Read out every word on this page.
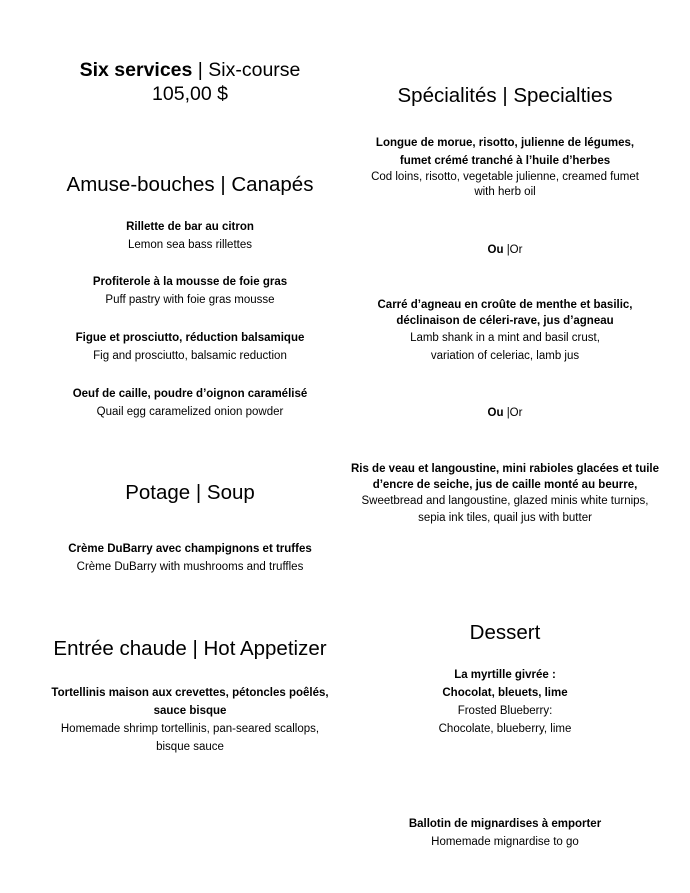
Six services | Six-course
105,00 $
Amuse-bouches | Canapés
Rillette de bar au citron
Lemon sea bass rillettes
Profiterole à la mousse de foie gras
Puff pastry with foie gras mousse
Figue et prosciutto, réduction balsamique
Fig and prosciutto, balsamic reduction
Oeuf de caille, poudre d’oignon caramélisé
Quail egg caramelized onion powder
Potage | Soup
Crème DuBarry avec champignons et truffes
Crème DuBarry with mushrooms and truffles
Entrée chaude | Hot Appetizer
Tortellinis maison aux crevettes, pétoncles poêlés,
sauce bisque
Homemade shrimp tortellinis, pan-seared scallops,
bisque sauce
Spécialités | Specialties
Longue de morue, risotto, julienne de légumes,
fumet crémé tranché à l’huile d’herbes
Cod loins, risotto, vegetable julienne, creamed fumet
with herb oil
Ou |Or
Carré d’agneau en croûte de menthe et basilic,
déclinaison de céleri-rave, jus d’agneau
Lamb shank in a mint and basil crust,
variation of celeriac, lamb jus
Ou |Or
Ris de veau et langoustine, mini rabioles glacées et tuile
d’encre de seiche, jus de caille monté au beurre,
Sweetbread and langoustine, glazed minis white turnips,
sepia ink tiles, quail jus with butter
Dessert
La myrtille givrée :
Chocolat, bleuets, lime
Frosted Blueberry:
Chocolate, blueberry, lime
Ballotin de mignardises à emporter
Homemade mignardise to go
